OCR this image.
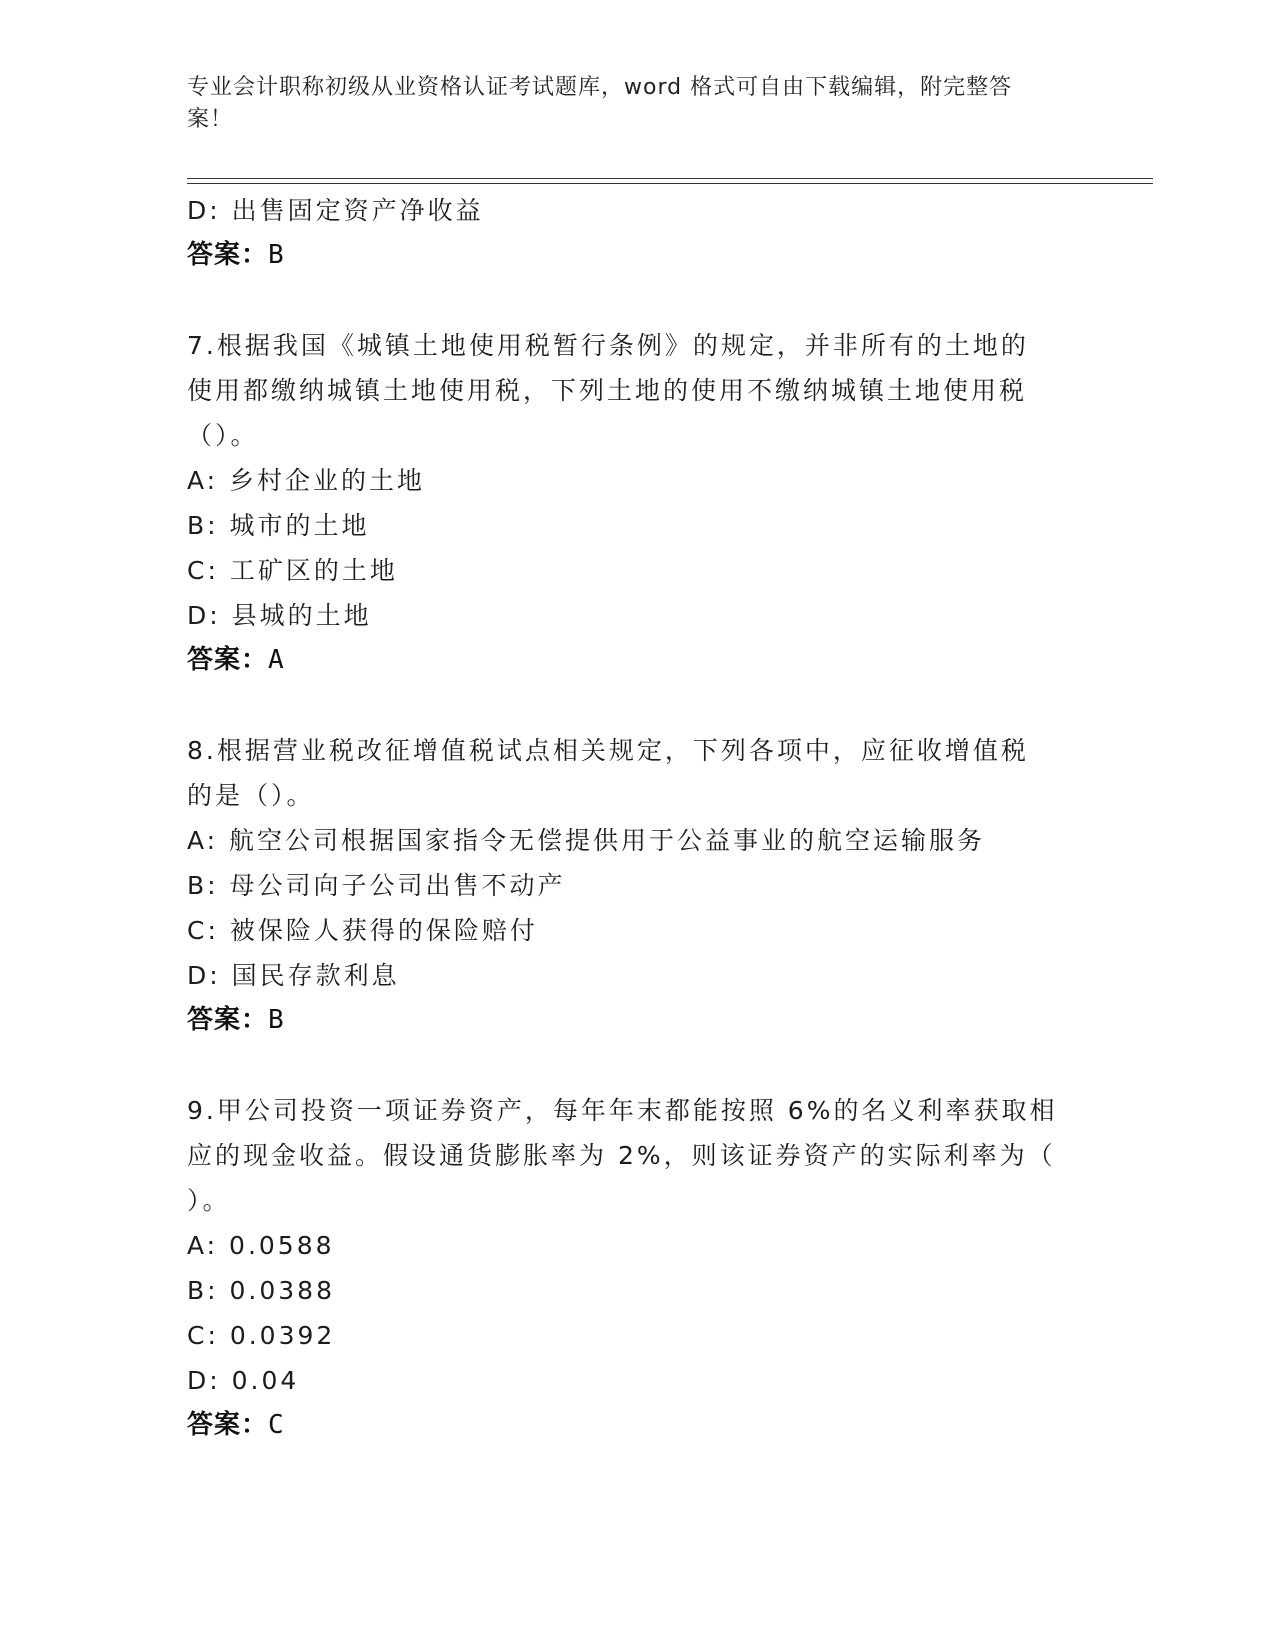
专业会计职称初级从业资格认证考试题库，word 格式可自由下载编辑，附完整答
案！
D: 出售固定资产净收益
答案：B
7.根据我国《城镇土地使用税暂行条例》的规定，并非所有的土地的
使用都缴纳城镇土地使用税，下列土地的使用不缴纳城镇土地使用税
（）。
A: 乡村企业的土地
B: 城市的土地
C: 工矿区的土地
D: 县城的土地
答案：A
8.根据营业税改征增值税试点相关规定，下列各项中，应征收增值税
的是（）。
A: 航空公司根据国家指令无偿提供用于公益事业的航空运输服务
B: 母公司向子公司出售不动产
C: 被保险人获得的保险赔付
D: 国民存款利息
答案：B
9.甲公司投资一项证券资产，每年年末都能按照 6%的名义利率获取相
应的现金收益。假设通货膨胀率为 2%，则该证券资产的实际利率为（
）。
A: 0.0588
B: 0.0388
C: 0.0392
D: 0.04
答案：C
